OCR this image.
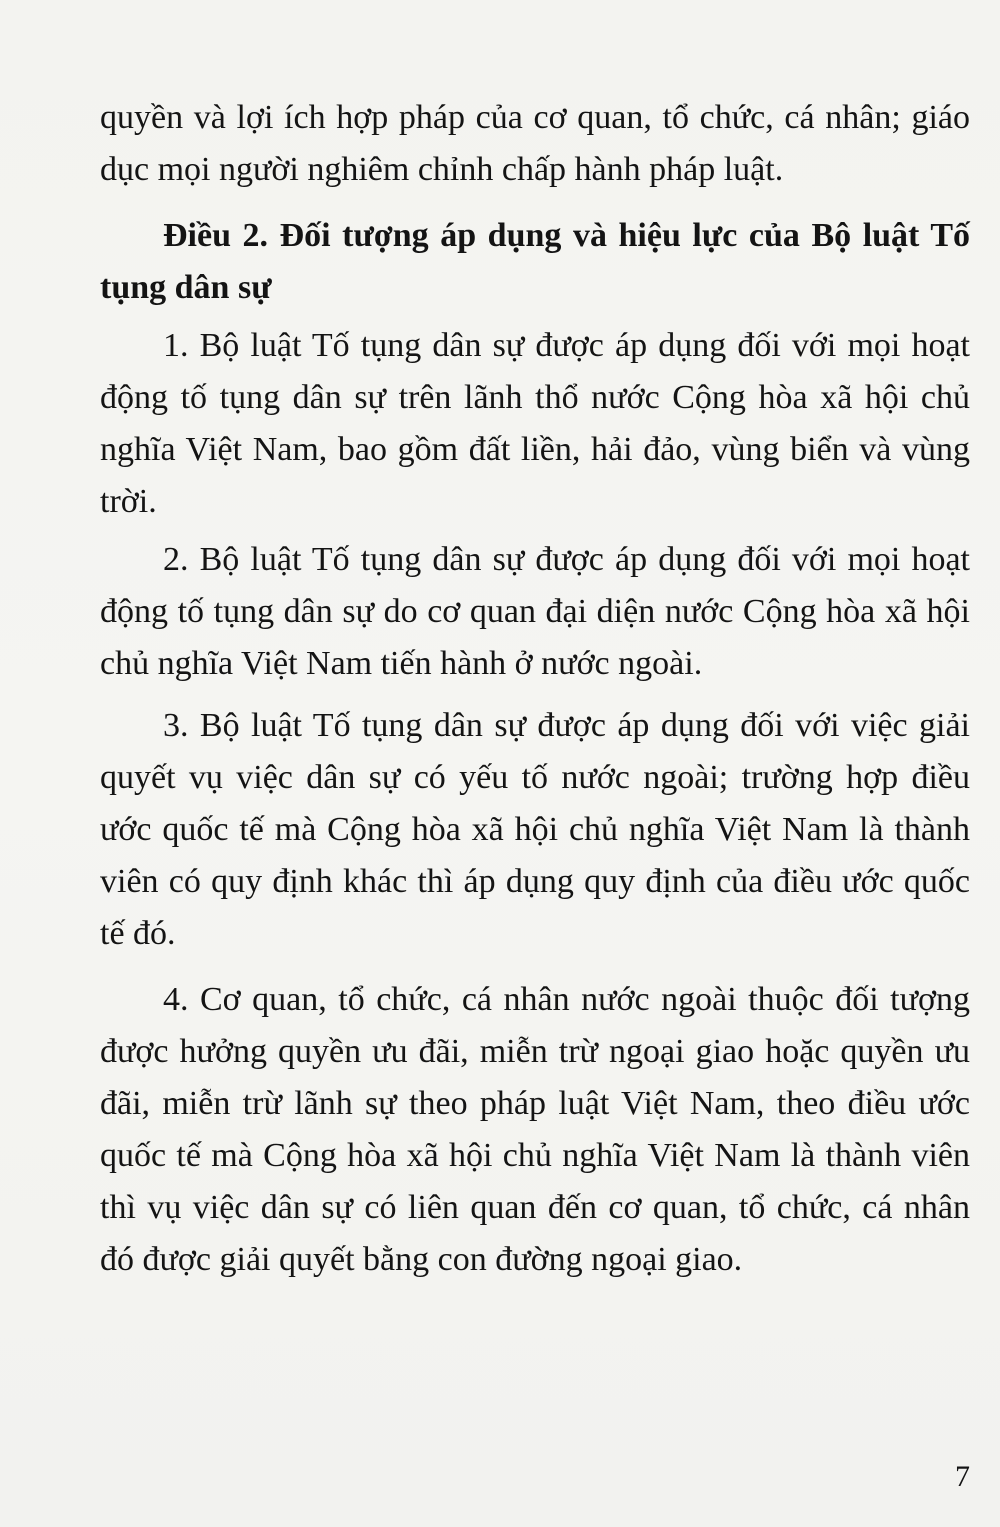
quyền và lợi ích hợp pháp của cơ quan, tổ chức, cá nhân; giáo dục mọi người nghiêm chỉnh chấp hành pháp luật.

Điều 2. Đối tượng áp dụng và hiệu lực của Bộ luật Tố tụng dân sự

1. Bộ luật Tố tụng dân sự được áp dụng đối với mọi hoạt động tố tụng dân sự trên lãnh thổ nước Cộng hòa xã hội chủ nghĩa Việt Nam, bao gồm đất liền, hải đảo, vùng biển và vùng trời.

2. Bộ luật Tố tụng dân sự được áp dụng đối với mọi hoạt động tố tụng dân sự do cơ quan đại diện nước Cộng hòa xã hội chủ nghĩa Việt Nam tiến hành ở nước ngoài.

3. Bộ luật Tố tụng dân sự được áp dụng đối với việc giải quyết vụ việc dân sự có yếu tố nước ngoài; trường hợp điều ước quốc tế mà Cộng hòa xã hội chủ nghĩa Việt Nam là thành viên có quy định khác thì áp dụng quy định của điều ước quốc tế đó.

4. Cơ quan, tổ chức, cá nhân nước ngoài thuộc đối tượng được hưởng quyền ưu đãi, miễn trừ ngoại giao hoặc quyền ưu đãi, miễn trừ lãnh sự theo pháp luật Việt Nam, theo điều ước quốc tế mà Cộng hòa xã hội chủ nghĩa Việt Nam là thành viên thì vụ việc dân sự có liên quan đến cơ quan, tổ chức, cá nhân đó được giải quyết bằng con đường ngoại giao.

7
